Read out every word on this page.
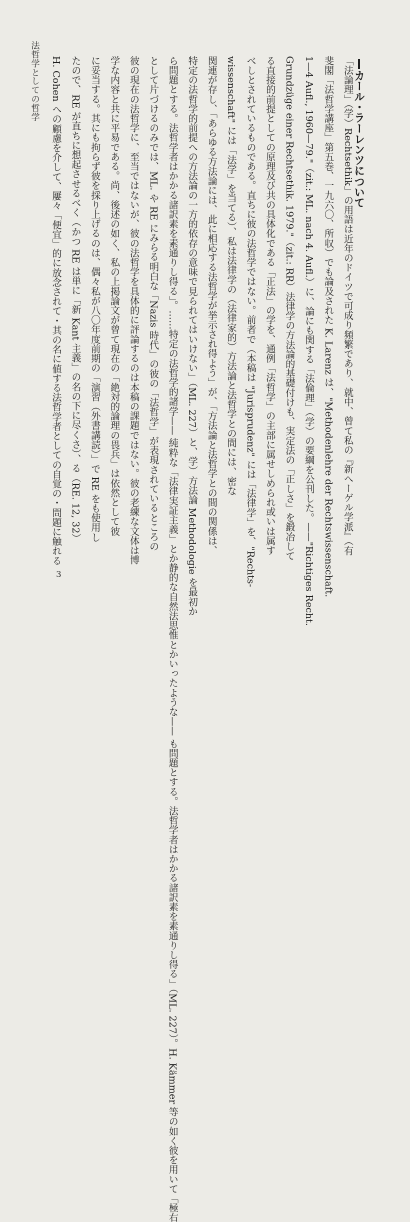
法哲学としての哲学	カール・ラーレンツについて
「法論理」（学）Rechtsethik」の用語は近年のドイツで可成り頻繁であり、就中、曾て私の『新へーゲル学派』（有
斐閣「法哲学講座」第五巻、一九六〇、所収）でも論及された K. Larenz は、"Methodenlehre der Rechtswissenschaft.
1—4 Aufl., 1960—79."（zit.: ML. nach 4. Aufl.）に、論にも関する「法倫理」（学）の要綱を公刊した。——"Richtiges Recht.
Grundzüge einer Rechtsethik. 1979."（zit.: RR）法律学の方法論的基礎付けも、実定法の「正しさ」を鍛冶して
る直接的前提としての原理及び共の具体化である「正法」の学を、通例「法哲学」の主部に属せしめられ或いは属す
べしとされているものである。直ちに彼の法哲学ではない。前者で（本稿は "Jurisprudenz" には「法律学」を、"Rechts-
wissenschaft" には「法学」を当てる）、私は法律学の（法律家的）方法論と法哲学との間には、密な
関連が存し、「あらゆる方法論には、此に相応する法哲学が挙示され得よう」が、「方法論と法哲学との間の関係は、
特定の法哲学的前提への方法論の一方的依存の意味で見られてはいけない」（ML. 227）と、学）方法論 Methodologie を最初か
ら問題とする。法哲学者はかかる諸訳素を素通りし得る」。……特定の法哲学的諸学—— 純粋な「法律実証主義」とか静的な自然法思惟とかいったような—— も問題とする。法哲学者はかかる諸訳素を素通りし得る」（ML. 227）。H. Kämmer 等の如く彼を用いて「極右
として片づけるのみでは、ML. や RE にみらる明白な「Nazis 時代」の彼の「法哲学」が表現されているところの
彼の現在の法哲学に、至当ではないが、彼の法哲学を具体的に評論するのは本稿の課題ではない。彼の老練な文体は博
学な内容と共に平易である。尚、後述の如く、私の上掲論文が曾て現在の「絶対的論理の畏兵」は依然として彼
に妥当する。其にも拘らず彼を採り上げるのは、偶々私が八〇年度前期の「演習（外書講読）」で RE をも使用し
たので、RE が直ちに想起させるべく（かつ RE は単に「新 Kant 主義」の名の下に尽くさ）、る（RE. 12, 32）
H. Cohen への顧慮を介して、屢々「便宜」的に放念されて・其の名に値する法哲学者としての自覚の・問題に触れる
3
